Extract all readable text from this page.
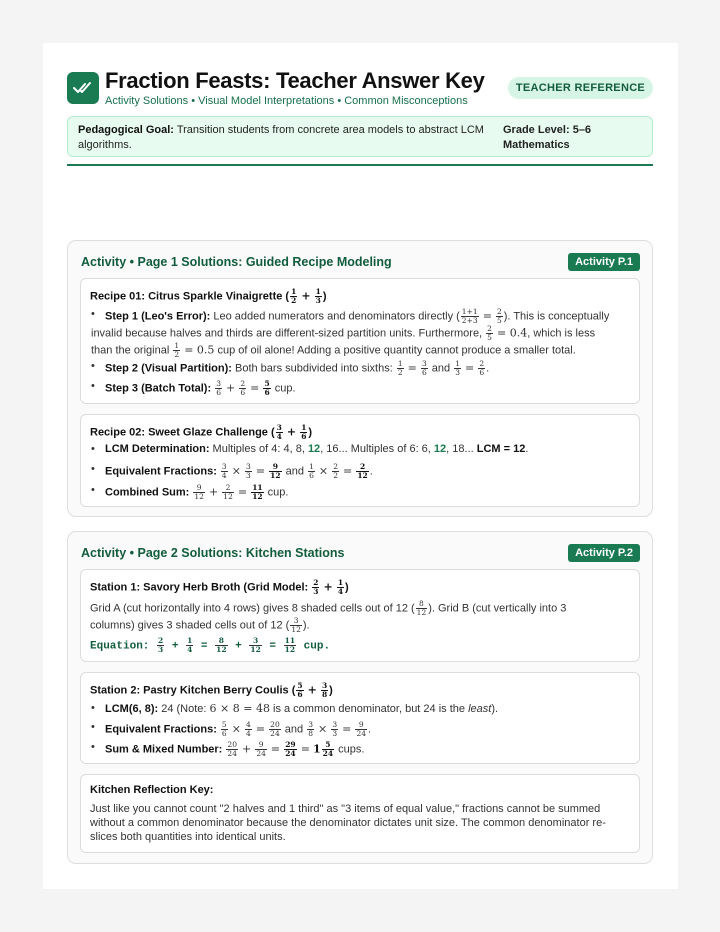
Fraction Feasts: Teacher Answer Key
Activity Solutions • Visual Model Interpretations • Common Misconceptions
TEACHER REFERENCE
Pedagogical Goal: Transition students from concrete area models to abstract LCM algorithms.
Grade Level: 5–6 Mathematics
Activity • Page 1 Solutions: Guided Recipe Modeling	Activity P.1
Recipe 01: Citrus Sparkle Vinaigrette ( $\frac{1}{2} + \frac{1}{3}$ )
• Step 1 (Leo's Error): Leo added numerators and denominators directly ( $\frac{1+1}{2+3} = \frac{2}{5}$ ). This is conceptually
invalid because halves and thirds are different-sized partition units. Furthermore, $\frac{2}{5} = 0.4$, which is less
than the original $\frac{1}{2} = 0.5$ cup of oil alone! Adding a positive quantity cannot produce a smaller total.
• Step 2 (Visual Partition): Both bars subdivided into sixths: $\frac{1}{2} = \frac{3}{6}$ and $\frac{1}{3} = \frac{2}{6}$ .
• Step 3 (Batch Total): $\frac{3}{6} + \frac{2}{6} = \frac{5}{6}$ cup.
Recipe 02: Sweet Glaze Challenge ( $\frac{3}{4} + \frac{1}{6}$ )
• LCM Determination: Multiples of 4: 4, 8, 12, 16... Multiples of 6: 6, 12, 18... LCM = 12.
• Equivalent Fractions: $\frac{3}{4} \times \frac{3}{3} = \frac{9}{12}$ and $\frac{1}{6} \times \frac{2}{2} = \frac{2}{12}$ .
• Combined Sum: $\frac{9}{12} + \frac{2}{12} = \frac{11}{12}$ cup.
Activity • Page 2 Solutions: Kitchen Stations	Activity P.2
Station 1: Savory Herb Broth (Grid Model: $\frac{2}{3} + \frac{1}{4}$ )
Grid A (cut horizontally into 4 rows) gives 8 shaded cells out of 12 ( $\frac{8}{12}$ ). Grid B (cut vertically into 3
columns) gives 3 shaded cells out of 12 ( $\frac{3}{12}$ ).
Equation: $\frac{2}{3} + \frac{1}{4} = \frac{8}{12} + \frac{3}{12} = \frac{11}{12}$ cup.
Station 2: Pastry Kitchen Berry Coulis ( $\frac{5}{6} + \frac{3}{8}$ )
• LCM(6, 8): 24 (Note: 6 × 8 = 48 is a common denominator, but 24 is the least).
• Equivalent Fractions: $\frac{5}{6} \times \frac{4}{4} = \frac{20}{24}$ and $\frac{3}{8} \times \frac{3}{3} = \frac{9}{24}$ .
• Sum & Mixed Number: $\frac{20}{24} + \frac{9}{24} = \frac{29}{24} = 1 \frac{5}{24}$ cups.
Kitchen Reflection Key:
Just like you cannot count "2 halves and 1 third" as "3 items of equal value," fractions cannot be summed without a common denominator because the denominator dictates unit size. The common denominator re-slices both quantities into identical units.
